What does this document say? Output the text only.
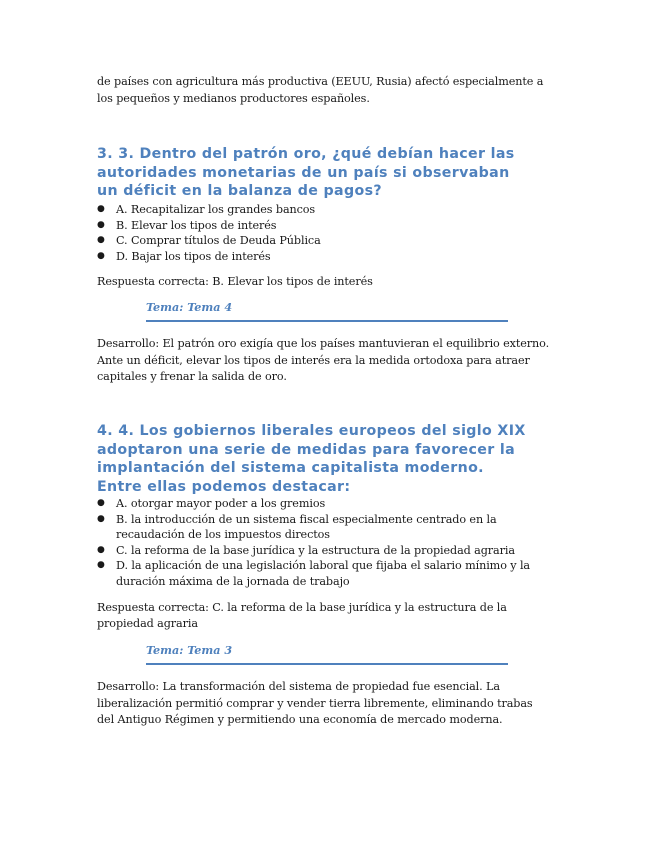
de países con agricultura más productiva (EEUU, Rusia) afectó especialmente a los pequeños y medianos productores españoles.
3. 3. Dentro del patrón oro, ¿qué debían hacer las autoridades monetarias de un país si observaban un déficit en la balanza de pagos?
● A. Recapitalizar los grandes bancos
● B. Elevar los tipos de interés
● C. Comprar títulos de Deuda Pública
● D. Bajar los tipos de interés
Respuesta correcta: B. Elevar los tipos de interés
Tema: Tema 4
Desarrollo: El patrón oro exigía que los países mantuvieran el equilibrio externo. Ante un déficit, elevar los tipos de interés era la medida ortodoxa para atraer capitales y frenar la salida de oro.
4. 4. Los gobiernos liberales europeos del siglo XIX adoptaron una serie de medidas para favorecer la implantación del sistema capitalista moderno. Entre ellas podemos destacar:
● A. otorgar mayor poder a los gremios
● B. la introducción de un sistema fiscal especialmente centrado en la recaudación de los impuestos directos
● C. la reforma de la base jurídica y la estructura de la propiedad agraria
● D. la aplicación de una legislación laboral que fijaba el salario mínimo y la duración máxima de la jornada de trabajo
Respuesta correcta: C. la reforma de la base jurídica y la estructura de la propiedad agraria
Tema: Tema 3
Desarrollo: La transformación del sistema de propiedad fue esencial. La liberalización permitió comprar y vender tierra libremente, eliminando trabas del Antiguo Régimen y permitiendo una economía de mercado moderna.
